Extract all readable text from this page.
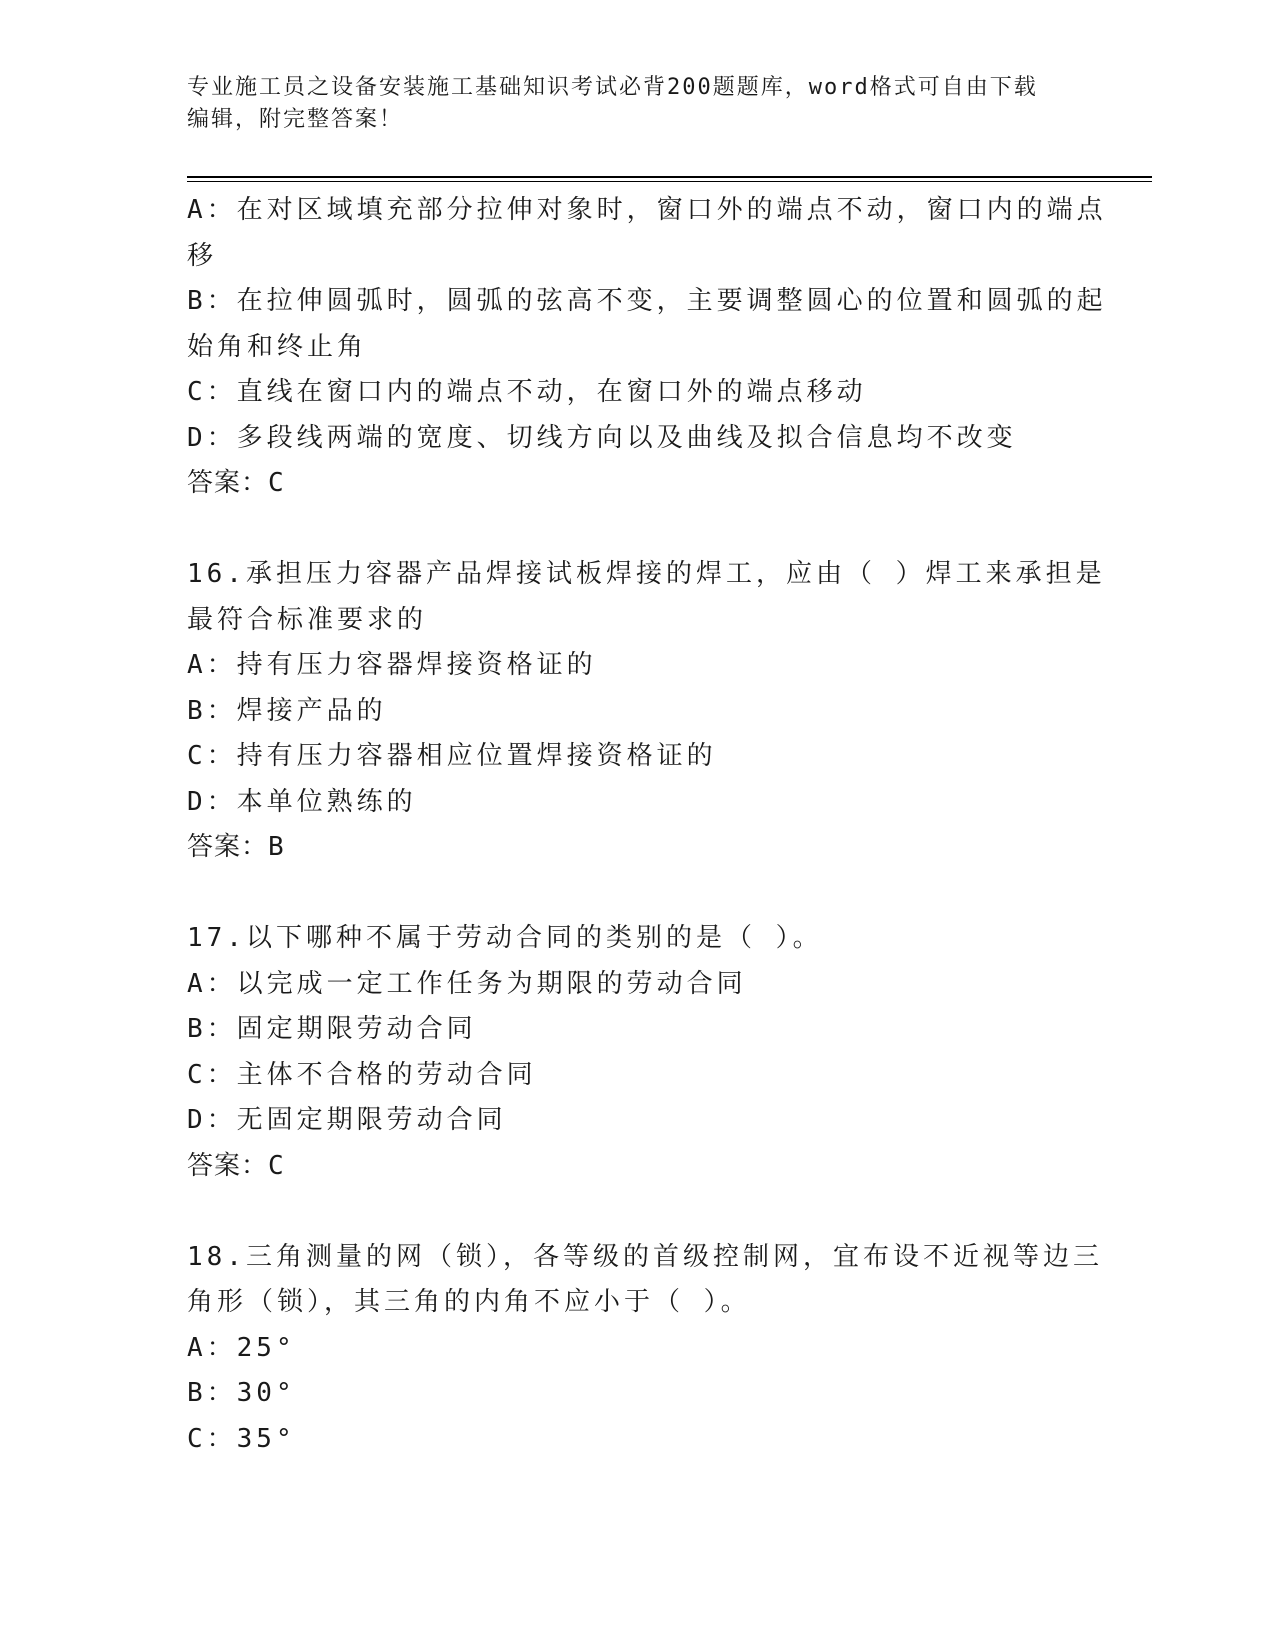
专业施工员之设备安装施工基础知识考试必背200题题库，word格式可自由下载
编辑，附完整答案！
A：在对区域填充部分拉伸对象时，窗口外的端点不动，窗口内的端点
移
B：在拉伸圆弧时，圆弧的弦高不变，主要调整圆心的位置和圆弧的起
始角和终止角
C：直线在窗口内的端点不动，在窗口外的端点移动
D：多段线两端的宽度、切线方向以及曲线及拟合信息均不改变
答案：C
16.承担压力容器产品焊接试板焊接的焊工，应由（ ）焊工来承担是
最符合标准要求的
A：持有压力容器焊接资格证的
B：焊接产品的
C：持有压力容器相应位置焊接资格证的
D：本单位熟练的
答案：B
17.以下哪种不属于劳动合同的类别的是（ ）。
A：以完成一定工作任务为期限的劳动合同
B：固定期限劳动合同
C：主体不合格的劳动合同
D：无固定期限劳动合同
答案：C
18.三角测量的网（锁），各等级的首级控制网，宜布设不近视等边三
角形（锁），其三角的内角不应小于（ ）。
A：25°
B：30°
C：35°
